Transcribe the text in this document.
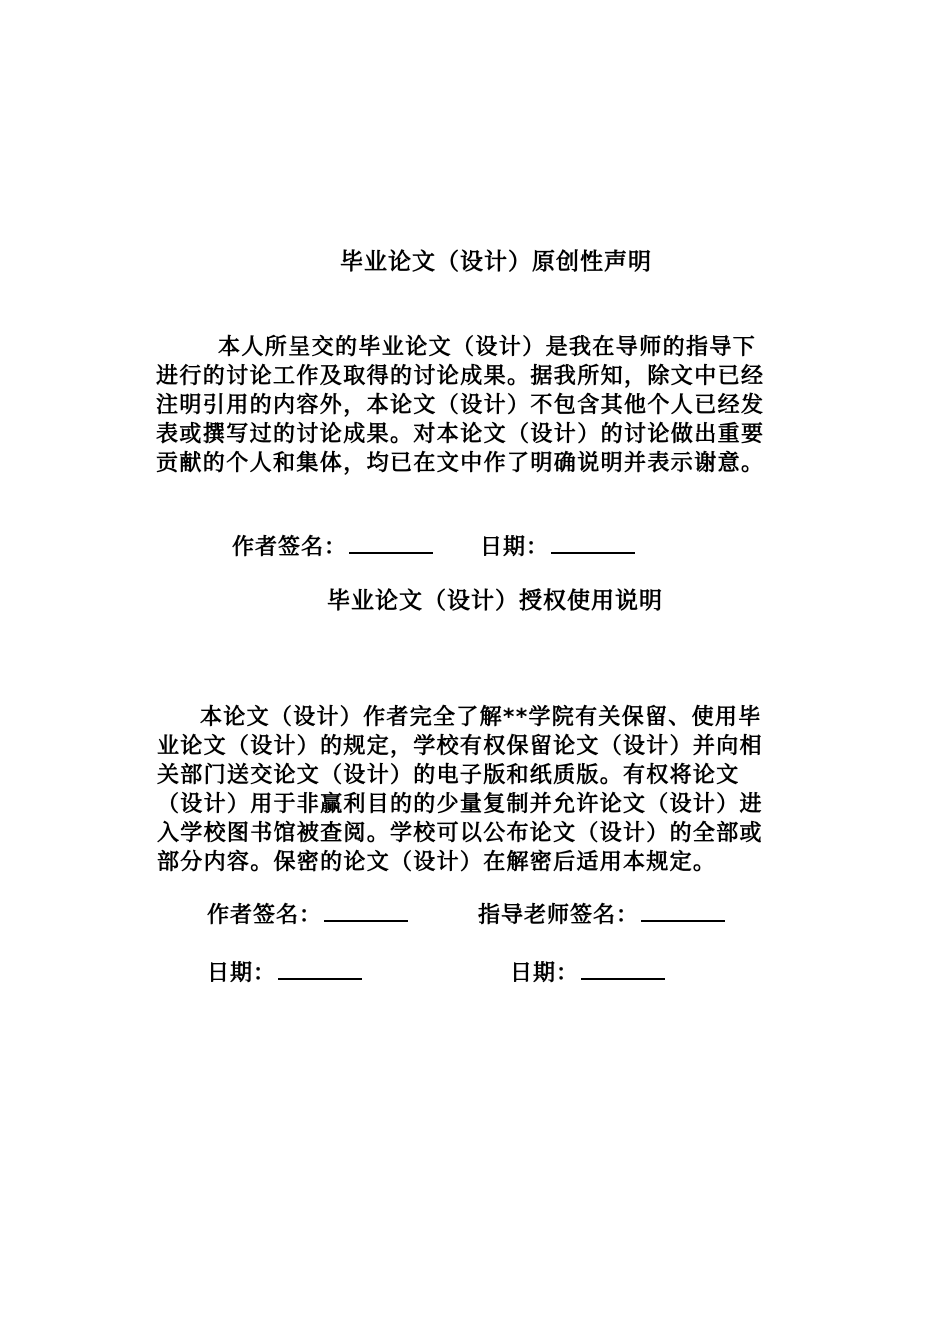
毕业论文（设计）原创性声明
本人所呈交的毕业论文（设计）是我在导师的指导下
进行的讨论工作及取得的讨论成果。据我所知，除文中已经
注明引用的内容外，本论文（设计）不包含其他个人已经发
表或撰写过的讨论成果。对本论文（设计）的讨论做出重要
贡献的个人和集体，均已在文中作了明确说明并表示谢意。
作者签名：	日期：
毕业论文（设计）授权使用说明
本论文（设计）作者完全了解**学院有关保留、使用毕
业论文（设计）的规定，学校有权保留论文（设计）并向相
关部门送交论文（设计）的电子版和纸质版。有权将论文
（设计）用于非赢利目的的少量复制并允许论文（设计）进
入学校图书馆被查阅。学校可以公布论文（设计）的全部或
部分内容。保密的论文（设计）在解密后适用本规定。
作者签名：	指导老师签名：
日期：	日期：
